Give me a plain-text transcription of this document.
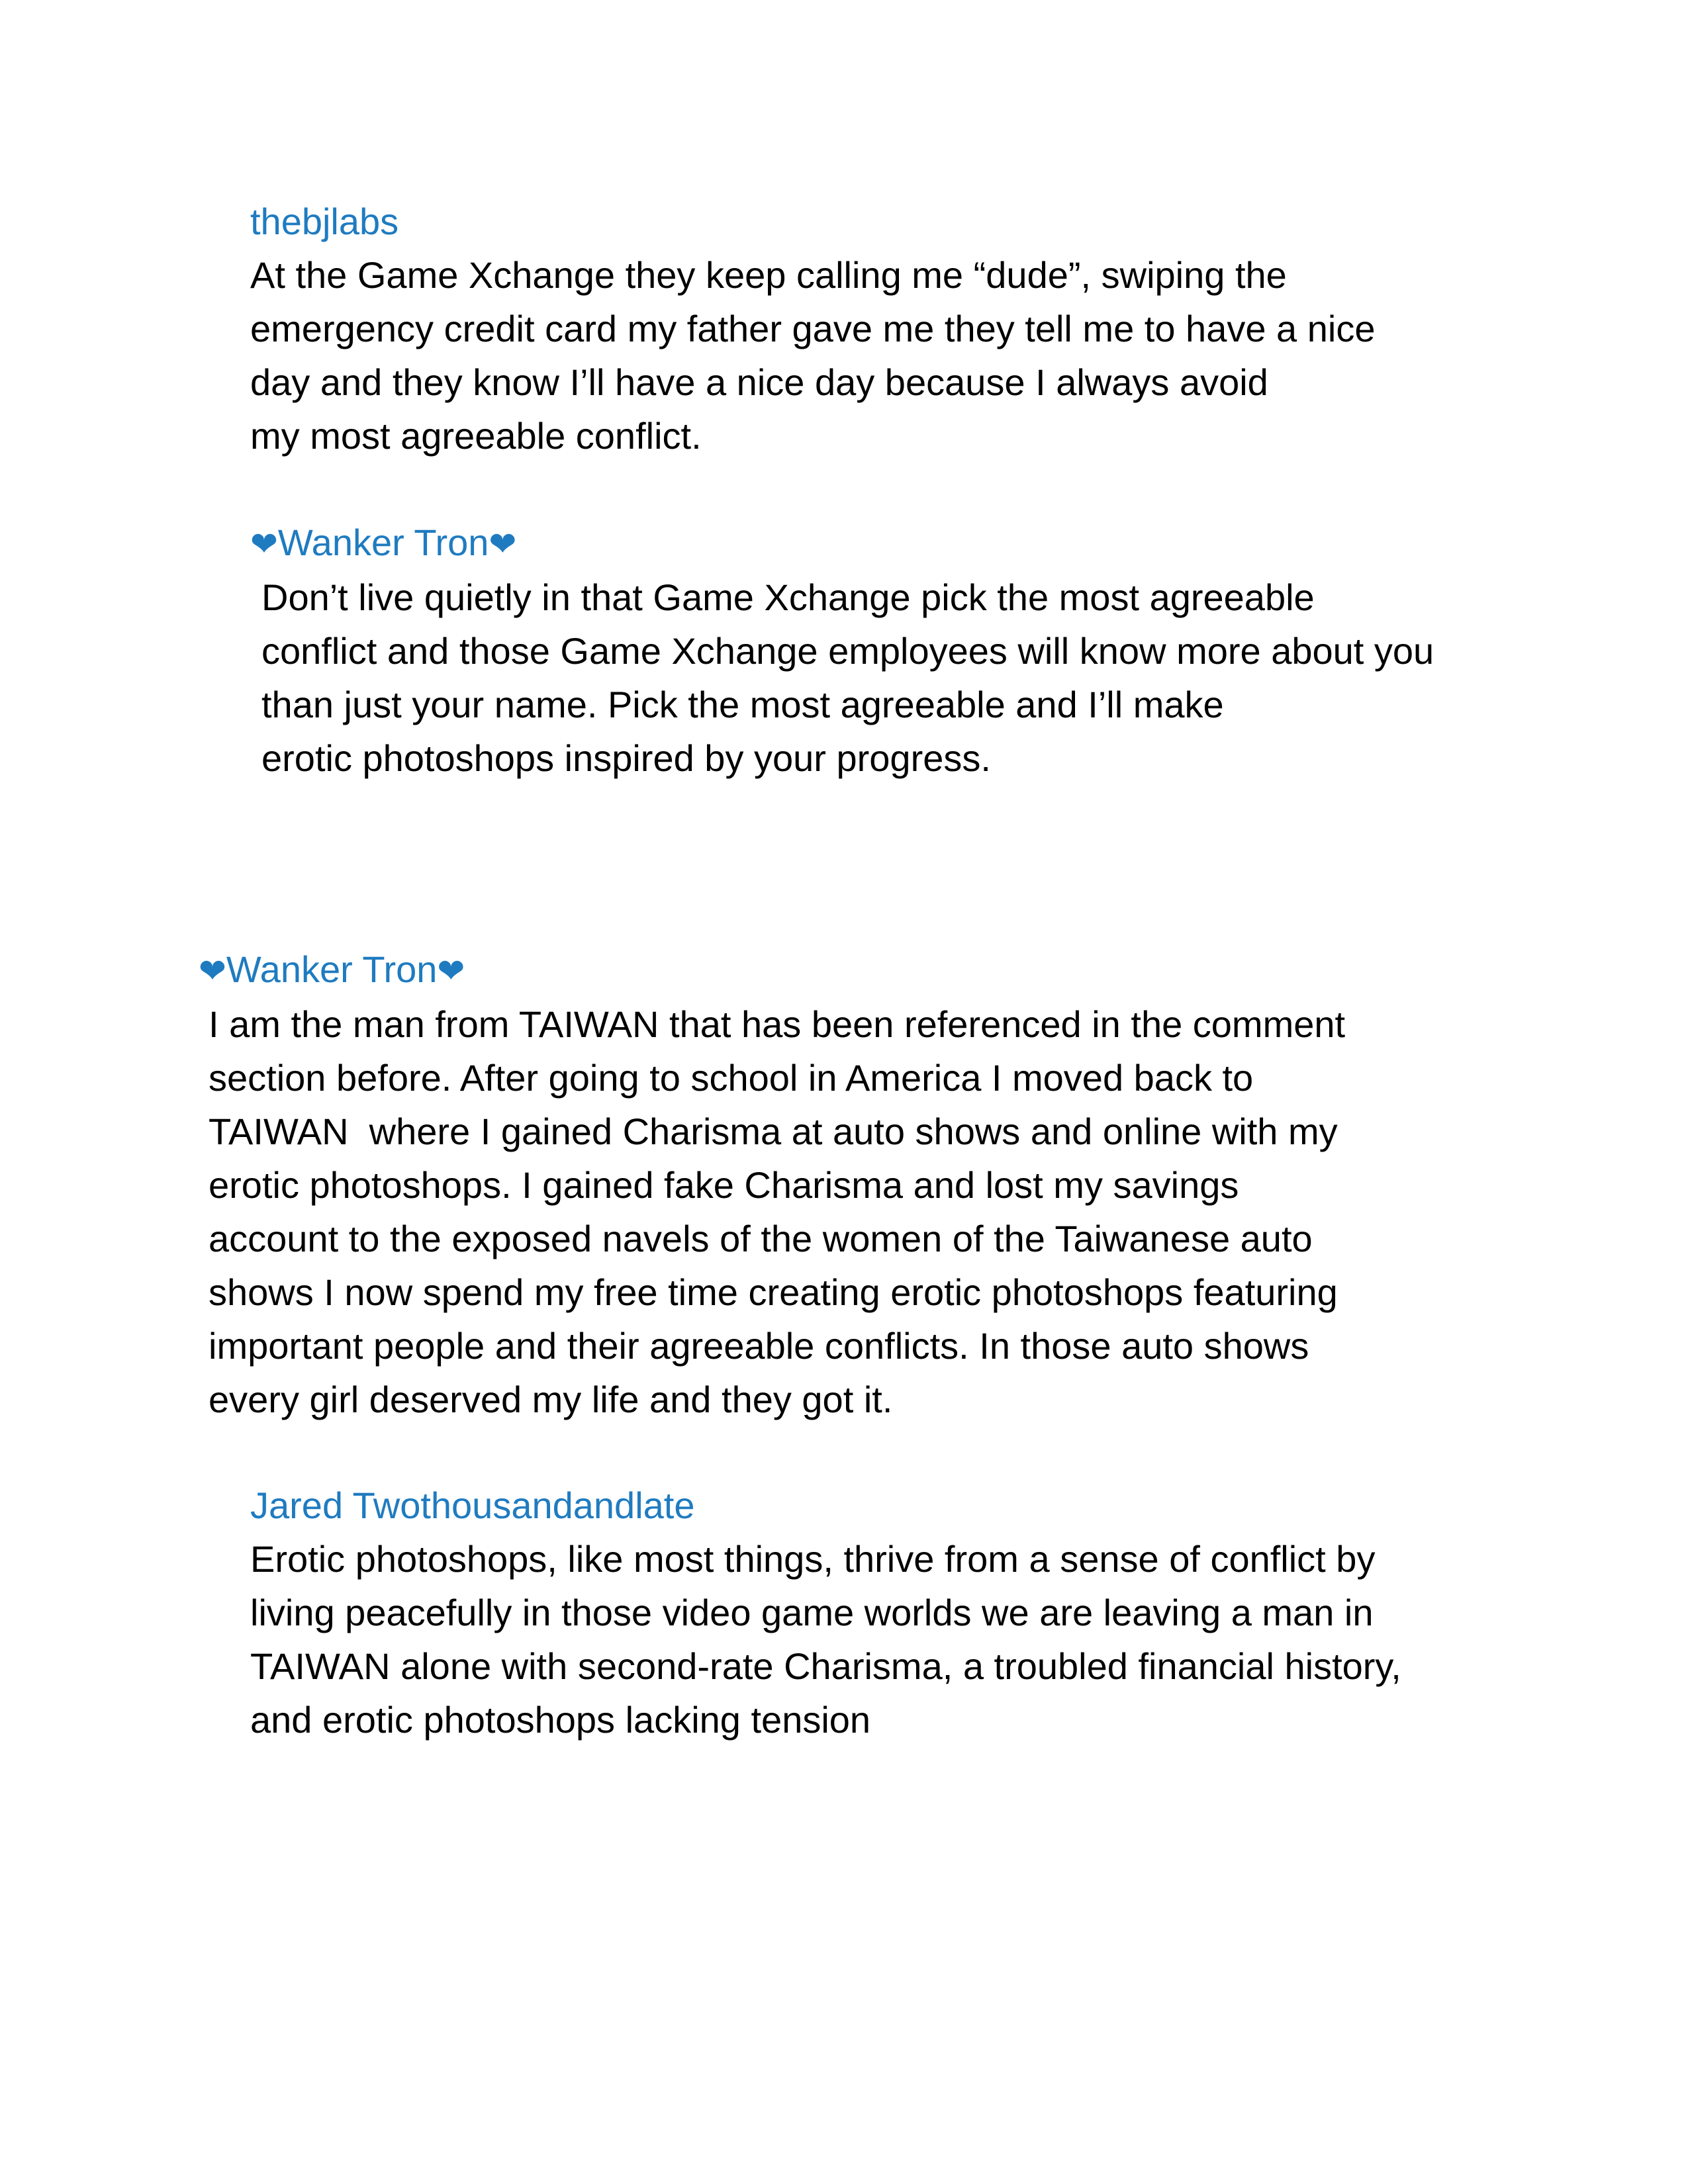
thebjlabs
At the Game Xchange they keep calling me “dude”, swiping the
emergency credit card my father gave me they tell me to have a nice
day and they know I’ll have a nice day because I always avoid
my most agreeable conflict.
❤Wanker Tron❤
Don’t live quietly in that Game Xchange pick the most agreeable
conflict and those Game Xchange employees will know more about you
than just your name. Pick the most agreeable and I’ll make
erotic photoshops inspired by your progress.
❤Wanker Tron❤
I am the man from TAIWAN that has been referenced in the comment
section before. After going to school in America I moved back to
TAIWAN  where I gained Charisma at auto shows and online with my
erotic photoshops. I gained fake Charisma and lost my savings
account to the exposed navels of the women of the Taiwanese auto
shows I now spend my free time creating erotic photoshops featuring
important people and their agreeable conflicts. In those auto shows
every girl deserved my life and they got it.
Jared Twothousandandlate
Erotic photoshops, like most things, thrive from a sense of conflict by
living peacefully in those video game worlds we are leaving a man in
TAIWAN alone with second-rate Charisma, a troubled financial history,
and erotic photoshops lacking tension
